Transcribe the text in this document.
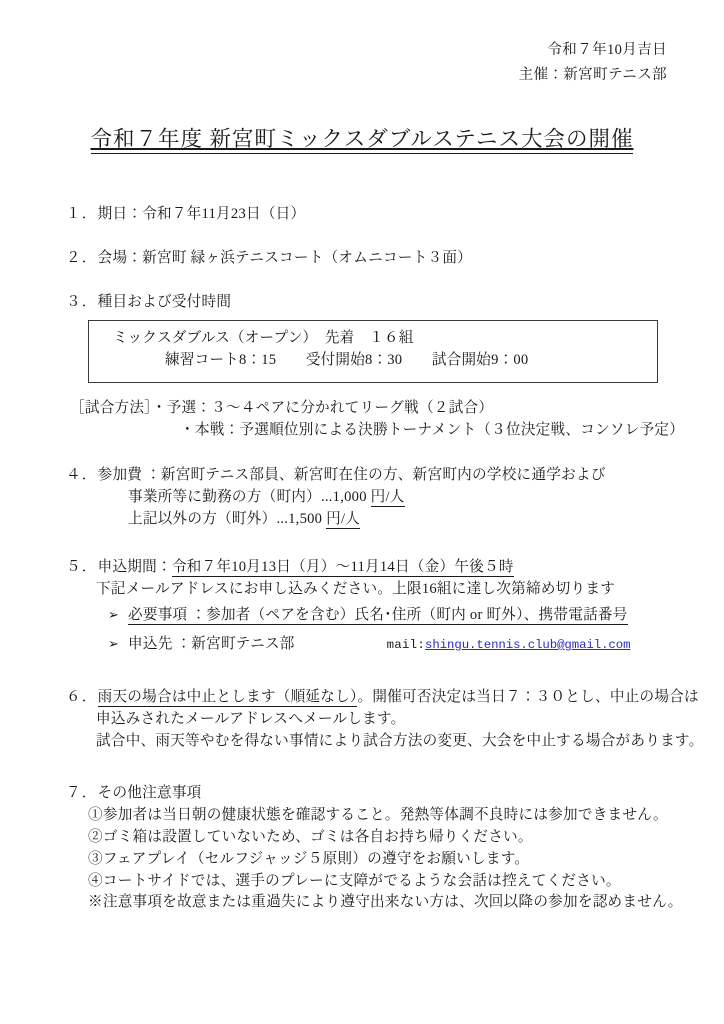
令和７年10月吉日
主催：新宮町テニス部
令和７年度 新宮町ミックスダブルステニス大会の開催
１．期日：令和７年11月23日（日）
２．会場：新宮町 緑ヶ浜テニスコート（オムニコート３面）
３．種目および受付時間
ミックスダブルス（オープン）　先着　１６組
練習コート8：15　　受付開始8：30　　試合開始9：00
［試合方法］・予選：３～４ペアに分かれてリーグ戦（２試合）
・本戦：予選順位別による決勝トーナメント（３位決定戦、コンソレ予定）
４．参加費 ：新宮町テニス部員、新宮町在住の方、新宮町内の学校に通学および
事業所等に勤務の方（町内）...1,000 円/人
上記以外の方（町外）...1,500 円/人
５．申込期間：令和７年10月13日（月）～11月14日（金）午後５時
下記メールアドレスにお申し込みください。上限16組に達し次第締め切ります
➢ 必要事項 ：参加者（ペアを含む）氏名･住所（町内 or 町外）、携帯電話番号
➢ 申込先 ：新宮町テニス部	mail:shingu.tennis.club@gmail.com
６．雨天の場合は中止とします（順延なし）。開催可否決定は当日７：３０とし、中止の場合は
申込みされたメールアドレスへメールします。
試合中、雨天等やむを得ない事情により試合方法の変更、大会を中止する場合があります。
７．その他注意事項
①参加者は当日朝の健康状態を確認すること。発熱等体調不良時には参加できません。
②ゴミ箱は設置していないため、ゴミは各自お持ち帰りください。
③フェアプレイ（セルフジャッジ５原則）の遵守をお願いします。
④コートサイドでは、選手のプレーに支障がでるような会話は控えてください。
※注意事項を故意または重過失により遵守出来ない方は、次回以降の参加を認めません。
